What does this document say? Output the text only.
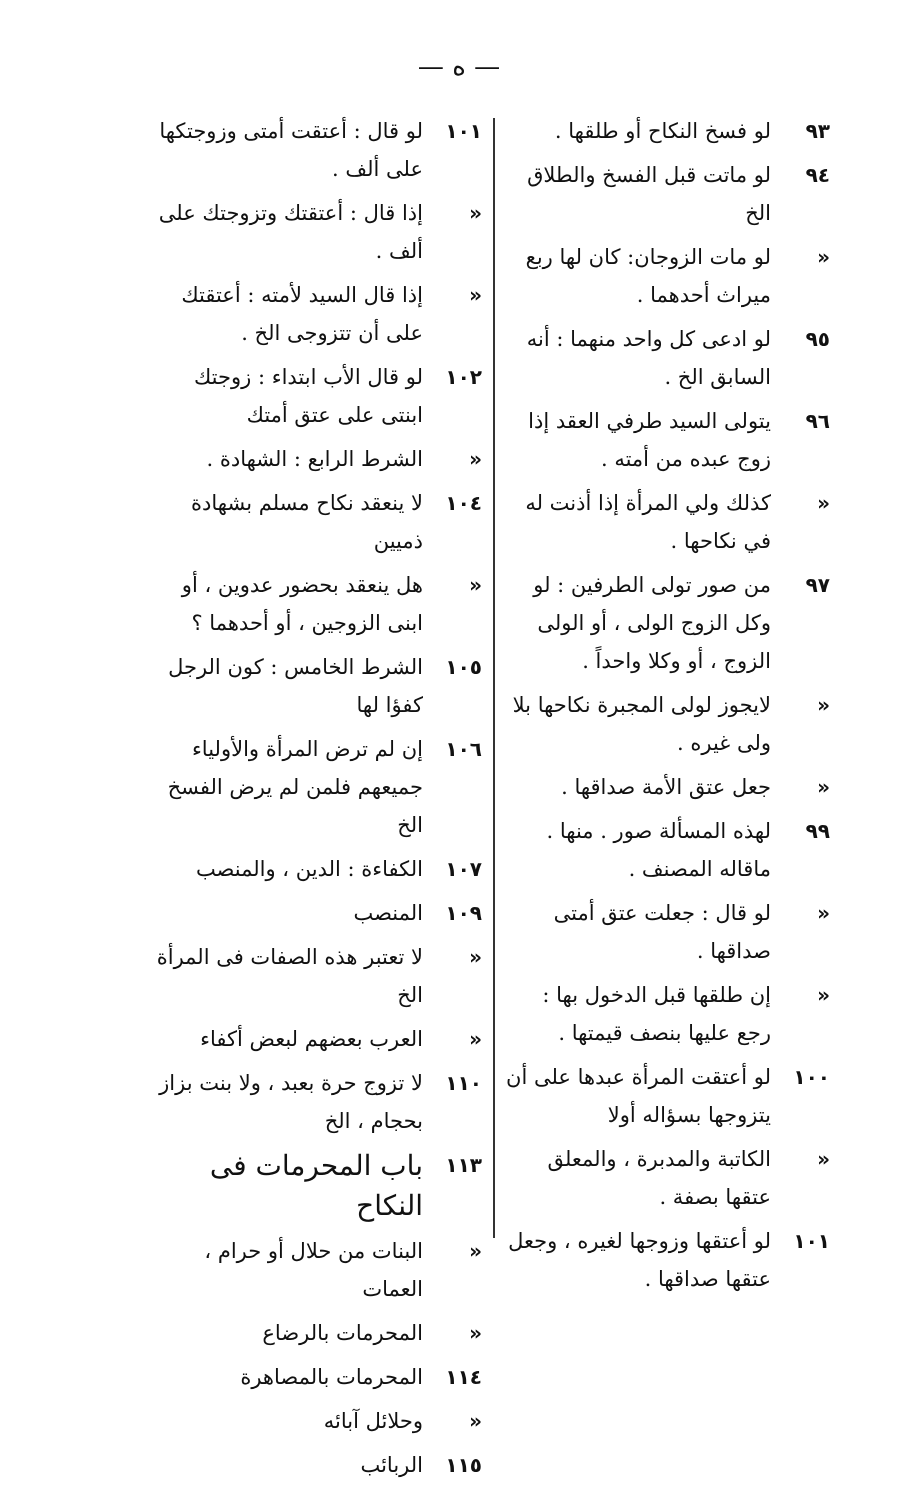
— ه —
٩٣
لو فسخ النكاح أو طلقها .
٩٤
لو ماتت قبل الفسخ والطلاق الخ
«
لو مات الزوجان: كان لها ربع ميراث أحدهما .
٩٥
لو ادعى كل واحد منهما : أنه السابق الخ .
٩٦
يتولى السيد طرفي العقد إذا زوج عبده من أمته .
«
كذلك ولي المرأة إذا أذنت له في نكاحها .
٩٧
من صور تولى الطرفين : لو وكل الزوج الولى ، أو الولى الزوج ، أو وكلا واحداً .
«
لايجوز لولى المجبرة نكاحها بلا ولى غيره .
«
جعل عتق الأمة صداقها .
٩٩
لهذه المسألة صور . منها . ماقاله المصنف .
«
لو قال : جعلت عتق أمتى صداقها .
«
إن طلقها قبل الدخول بها : رجع عليها بنصف قيمتها .
١٠٠
لو أعتقت المرأة عبدها على أن يتزوجها بسؤاله أولا
«
الكاتبة والمدبرة ، والمعلق عتقها بصفة .
١٠١
لو أعتقها وزوجها لغيره ، وجعل عتقها صداقها .
١٠١
لو قال : أعتقت أمتى وزوجتكها على ألف .
«
إذا قال : أعتقتك وتزوجتك على ألف .
«
إذا قال السيد لأمته : أعتقتك على أن تتزوجى الخ .
١٠٢
لو قال الأب ابتداء : زوجتك ابنتى على عتق أمتك
«
الشرط الرابع : الشهادة .
١٠٤
لا ينعقد نكاح مسلم بشهادة ذميين
«
هل ينعقد بحضور عدوين ، أو ابنى الزوجين ، أو أحدهما ؟
١٠٥
الشرط الخامس : كون الرجل كفؤا لها
١٠٦
إن لم ترض المرأة والأولياء جميعهم فلمن لم يرض الفسخ الخ
١٠٧
الكفاءة : الدين ، والمنصب
١٠٩
المنصب
«
لا تعتبر هذه الصفات فى المرأة الخ
«
العرب بعضهم لبعض أكفاء
١١٠
لا تزوج حرة بعبد ، ولا بنت بزاز بحجام ، الخ
١١٣
باب المحرمات فى النكاح
«
البنات من حلال أو حرام ، العمات
«
المحرمات بالرضاع
١١٤
المحرمات بالمصاهرة
«
وحلائل آبائه
١١٥
الربائب
